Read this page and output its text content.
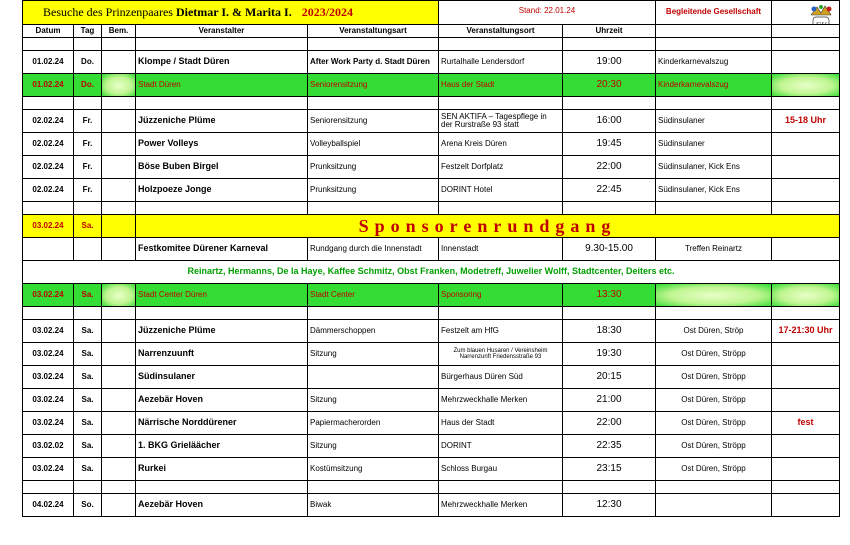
Besuche des Prinzenpaares Dietmar I. & Marita I. 2023/2024					Stand: 22.01.24		Begleitende Gesellschaft	FK

Datum	Tag	Bem.	Veranstalter	Veranstaltungsart	Veranstaltungsort	Uhrzeit		

01.02.24	Do.		Klompe / Stadt Düren	After Work Party d. Stadt Düren	Rurtalhalle Lendersdorf	19:00	Kinderkarnevalszug	
01.02.24	Do.		Stadt Düren	Seniorensitzung	Haus der Stadt	20:30	Kinderkarnevalszug	

02.02.24	Fr.		Jüzzeniche Plüme	Seniorensitzung	SEN AKTIFA – Tagespflege in der Rurstraße 93 statt	16:00	Südinsulaner	15-18 Uhr
02.02.24	Fr.		Power Volleys	Volleyballspiel	Arena Kreis Düren	19:45	Südinsulaner	
02.02.24	Fr.		Böse Buben Birgel	Prunksitzung	Festzelt Dorfplatz	22:00	Südinsulaner, Kick Ens	
02.02.24	Fr.		Holzpoeze Jonge	Prunksitzung	DORINT Hotel	22:45	Südinsulaner, Kick Ens	

03.02.24	Sa.		Sponsorenrundgang					
			Festkomitee Dürener Karneval	Rundgang durch die Innenstadt	Innenstadt	9.30-15.00	Treffen Reinartz	
Reinartz, Hermanns, De la Haye, Kaffee Schmitz, Obst Franken, Modetreff, Juwelier Wolff, Stadtcenter, Deiters etc.								
03.02.24	Sa.		Stadt Center Düren	Stadt Center	Sponsoring	13:30		

03.02.24	Sa.		Jüzzeniche Plüme	Dämmerschoppen	Festzelt am HfG	18:30	Ost Düren, Ströp	17-21:30 Uhr
03.02.24	Sa.		Narrenzuunft	Sitzung	Zum blauen Husaren / Vereinsheim Narrenzunft Friedensstraße 93	19:30	Ost Düren, Ströpp	
03.02.24	Sa.		Südinsulaner		Bürgerhaus Düren Süd	20:15	Ost Düren, Ströpp	
03.02.24	Sa.		Aezebär Hoven	Sitzung	Mehrzweckhalle Merken	21:00	Ost Düren, Ströpp	
03.02.24	Sa.		Närrische Norddürener	Papiermacherorden	Haus der Stadt	22:00	Ost Düren, Ströpp	fest
03.02.02	Sa.		1. BKG Grieläächer	Sitzung	DORINT	22:35	Ost Düren, Ströpp	
03.02.24	Sa.		Rurkei	Kostümsitzung	Schloss Burgau	23:15	Ost Düren, Ströpp	

04.02.24	So.		Aezebär Hoven	Biwak	Mehrzweckhalle Merken	12:30		
